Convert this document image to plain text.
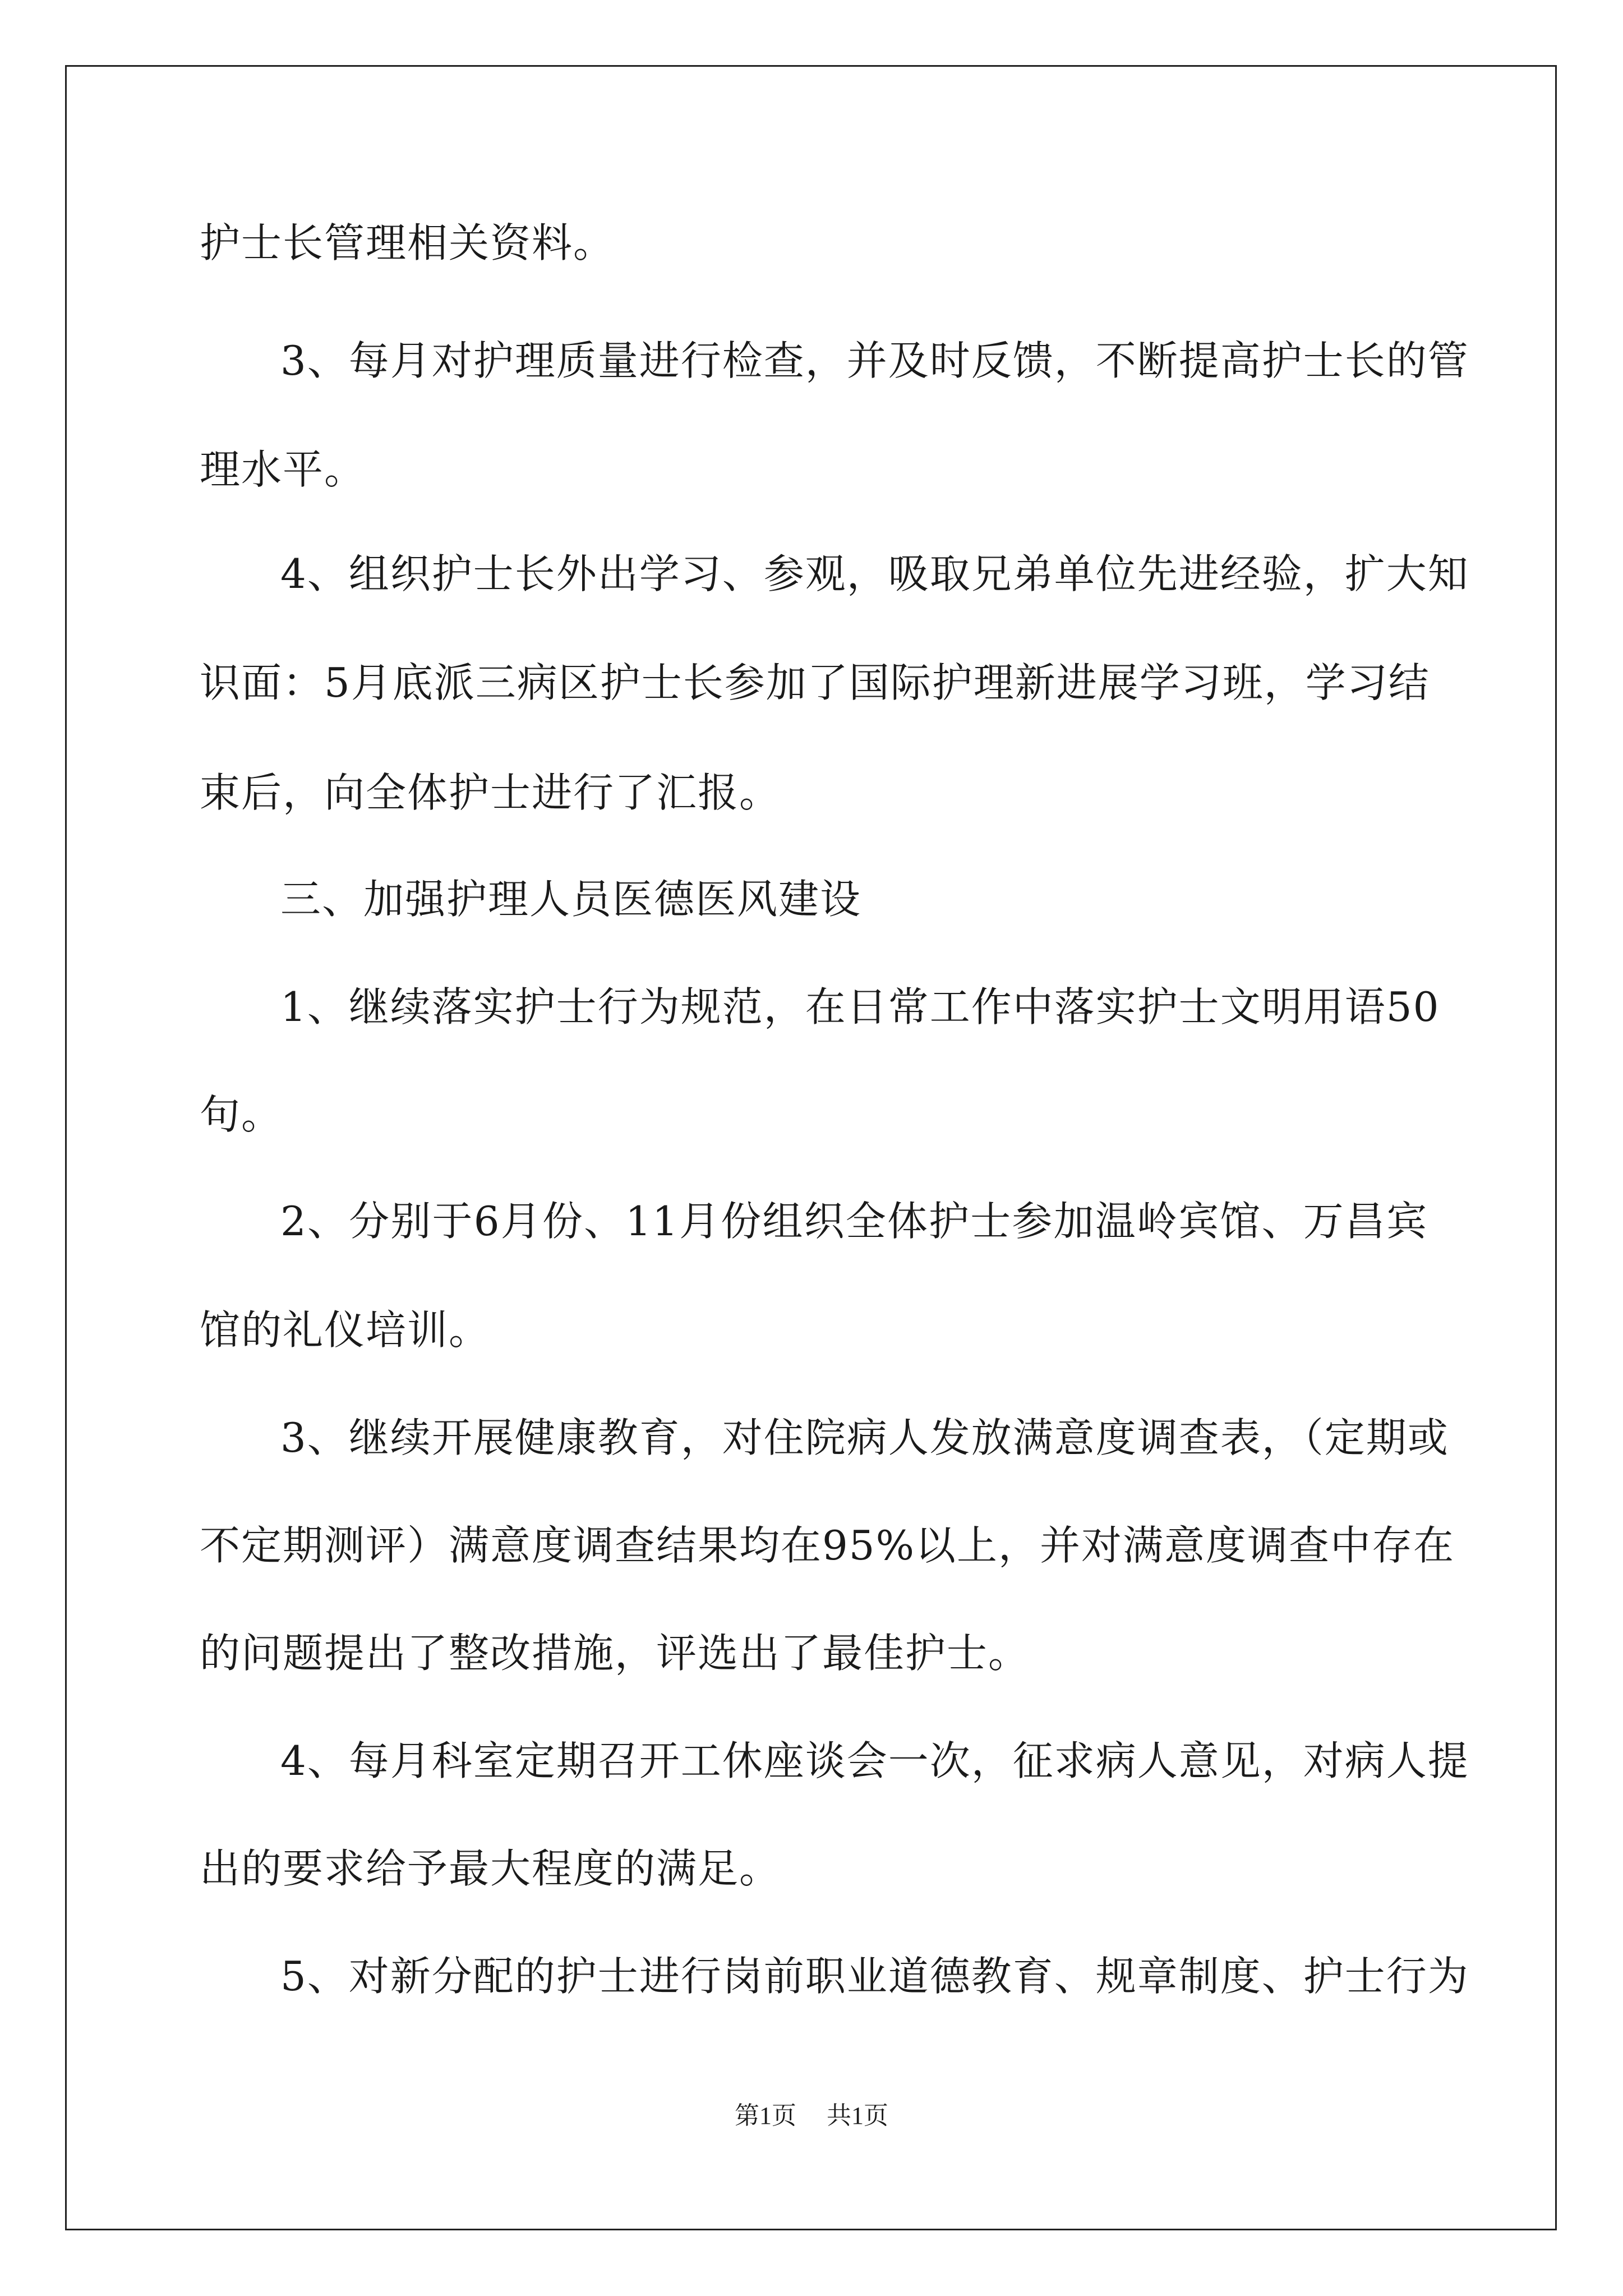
护士长管理相关资料。
3、每月对护理质量进行检查，并及时反馈，不断提高护士长的管
理水平。
4、组织护士长外出学习、参观，吸取兄弟单位先进经验，扩大知
识面：5月底派三病区护士长参加了国际护理新进展学习班，学习结
束后，向全体护士进行了汇报。
三、加强护理人员医德医风建设
1、继续落实护士行为规范，在日常工作中落实护士文明用语50
句。
2、分别于6月份、11月份组织全体护士参加温岭宾馆、万昌宾
馆的礼仪培训。
3、继续开展健康教育，对住院病人发放满意度调查表，（定期或
不定期测评）满意度调查结果均在95%以上，并对满意度调查中存在
的问题提出了整改措施，评选出了最佳护士。
4、每月科室定期召开工休座谈会一次，征求病人意见，对病人提
出的要求给予最大程度的满足。
5、对新分配的护士进行岗前职业道德教育、规章制度、护士行为
第1页 共1页
